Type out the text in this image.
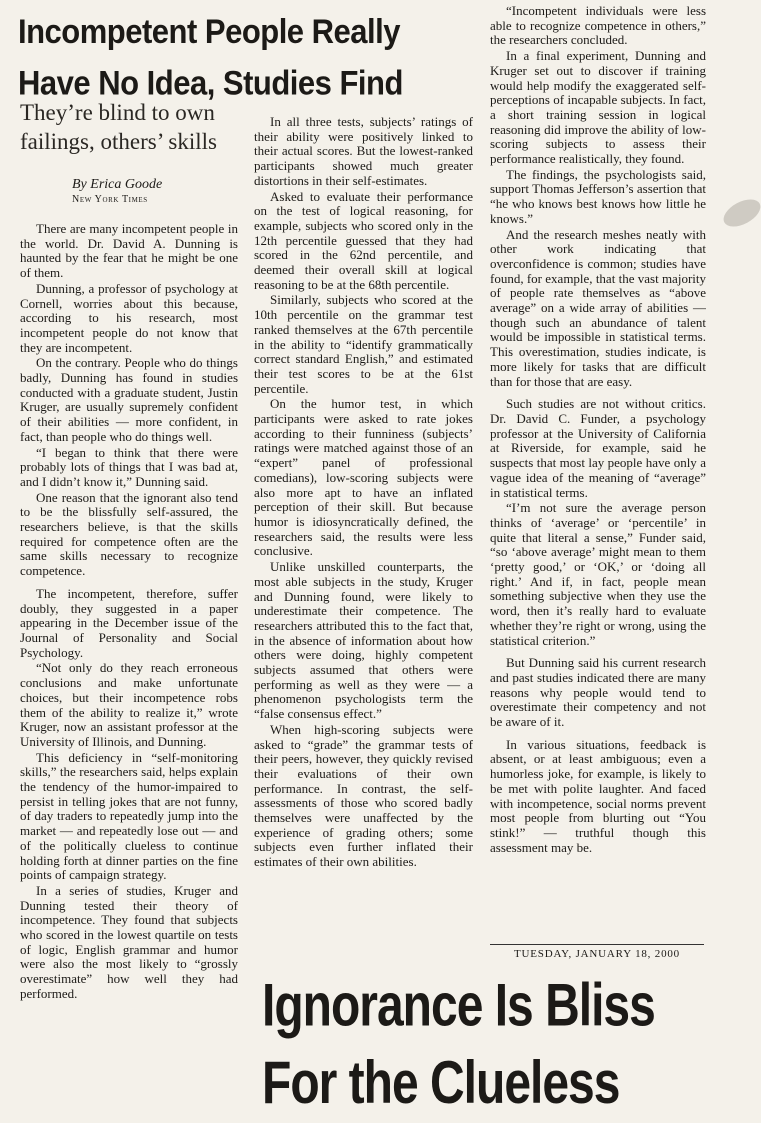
Incompetent People Really
Have No Idea, Studies Find
They’re blind to own
failings, others’ skills
By Erica Goode
New York Times

There are many incompetent people in the world. Dr. David A. Dunning is haunted by the fear that he might be one of them.

Dunning, a professor of psychology at Cornell, worries about this because, according to his research, most incompetent people do not know that they are incompetent.

On the contrary. People who do things badly, Dunning has found in studies conducted with a graduate student, Justin Kruger, are usually supremely confident of their abilities — more confident, in fact, than people who do things well.

“I began to think that there were probably lots of things that I was bad at, and I didn’t know it,” Dunning said.

One reason that the ignorant also tend to be the blissfully self-assured, the researchers believe, is that the skills required for competence often are the same skills necessary to recognize competence.

The incompetent, therefore, suffer doubly, they suggested in a paper appearing in the December issue of the Journal of Personality and Social Psychology.

“Not only do they reach erroneous conclusions and make unfortunate choices, but their incompetence robs them of the ability to realize it,” wrote Kruger, now an assistant professor at the University of Illinois, and Dunning.

This deficiency in “self-monitoring skills,” the researchers said, helps explain the tendency of the humor-impaired to persist in telling jokes that are not funny, of day traders to repeatedly jump into the market — and repeatedly lose out — and of the politically clueless to continue holding forth at dinner parties on the fine points of campaign strategy.

In a series of studies, Kruger and Dunning tested their theory of incompetence. They found that subjects who scored in the lowest quartile on tests of logic, English grammar and humor were also the most likely to “grossly overestimate” how well they had performed.

In all three tests, subjects’ ratings of their ability were positively linked to their actual scores. But the lowest-ranked participants showed much greater distortions in their self-estimates.

Asked to evaluate their performance on the test of logical reasoning, for example, subjects who scored only in the 12th percentile guessed that they had scored in the 62nd percentile, and deemed their overall skill at logical reasoning to be at the 68th percentile.

Similarly, subjects who scored at the 10th percentile on the grammar test ranked themselves at the 67th percentile in the ability to “identify grammatically correct standard English,” and estimated their test scores to be at the 61st percentile.

On the humor test, in which participants were asked to rate jokes according to their funniness (subjects’ ratings were matched against those of an “expert” panel of professional comedians), low-scoring subjects were also more apt to have an inflated perception of their skill. But because humor is idiosyncratically defined, the researchers said, the results were less conclusive.

Unlike unskilled counterparts, the most able subjects in the study, Kruger and Dunning found, were likely to underestimate their competence. The researchers attributed this to the fact that, in the absence of information about how others were doing, highly competent subjects assumed that others were performing as well as they were — a phenomenon psychologists term the “false consensus effect.”

When high-scoring subjects were asked to “grade” the grammar tests of their peers, however, they quickly revised their evaluations of their own performance. In contrast, the self-assessments of those who scored badly themselves were unaffected by the experience of grading others; some subjects even further inflated their estimates of their own abilities.

“Incompetent individuals were less able to recognize competence in others,” the researchers concluded.

In a final experiment, Dunning and Kruger set out to discover if training would help modify the exaggerated self-perceptions of incapable subjects. In fact, a short training session in logical reasoning did improve the ability of low-scoring subjects to assess their performance realistically, they found.

The findings, the psychologists said, support Thomas Jefferson’s assertion that “he who knows best knows how little he knows.”

And the research meshes neatly with other work indicating that overconfidence is common; studies have found, for example, that the vast majority of people rate themselves as “above average” on a wide array of abilities — though such an abundance of talent would be impossible in statistical terms. This overestimation, studies indicate, is more likely for tasks that are difficult than for those that are easy.

Such studies are not without critics. Dr. David C. Funder, a psychology professor at the University of California at Riverside, for example, said he suspects that most lay people have only a vague idea of the meaning of “average” in statistical terms.

“I’m not sure the average person thinks of ‘average’ or ‘percentile’ in quite that literal a sense,” Funder said, “so ‘above average’ might mean to them ‘pretty good,’ or ‘OK,’ or ‘doing all right.’ And if, in fact, people mean something subjective when they use the word, then it’s really hard to evaluate whether they’re right or wrong, using the statistical criterion.”

But Dunning said his current research and past studies indicated there are many reasons why people would tend to overestimate their competency and not be aware of it.

In various situations, feedback is absent, or at least ambiguous; even a humorless joke, for example, is likely to be met with polite laughter. And faced with incompetence, social norms prevent most people from blurting out “You stink!” — truthful though this assessment may be.

TUESDAY, JANUARY 18, 2000
Ignorance Is Bliss
For the Clueless
